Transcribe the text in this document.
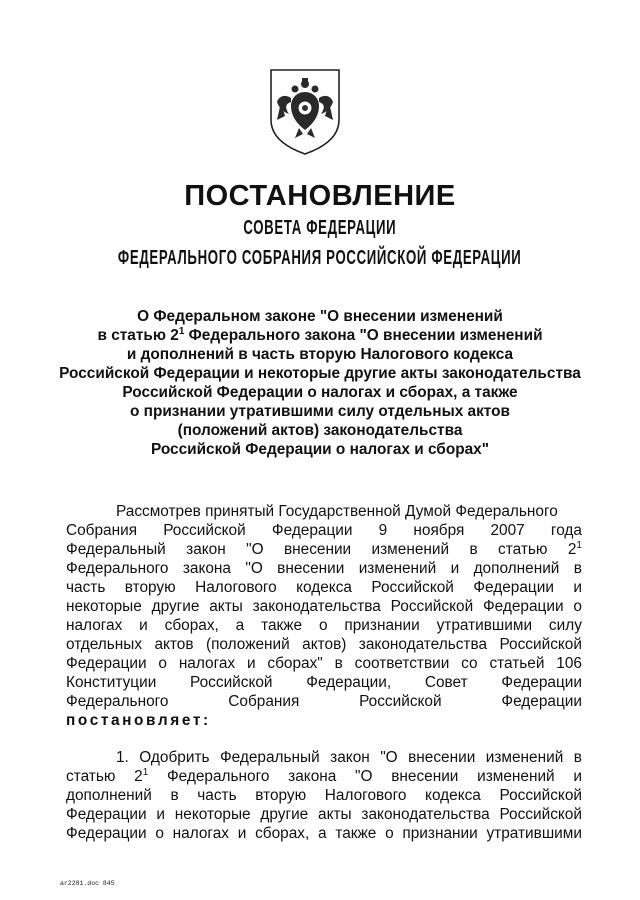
ПОСТАНОВЛЕНИЕ
СОВЕТА ФЕДЕРАЦИИ
ФЕДЕРАЛЬНОГО СОБРАНИЯ РОССИЙСКОЙ ФЕДЕРАЦИИ
О Федеральном законе "О внесении изменений
в статью $2^1$ Федерального закона "О внесении изменений
и дополнений в часть вторую Налогового кодекса
Российской Федерации и некоторые другие акты законодательства
Российской Федерации о налогах и сборах, а также
о признании утратившими силу отдельных актов
(положений актов) законодательства
Российской Федерации о налогах и сборах"
Рассмотрев принятый Государственной Думой Федерального
Собрания Российской Федерации 9 ноября 2007 года
Федеральный закон "О внесении изменений в статью $2^1$
Федерального закона "О внесении изменений и дополнений в
часть вторую Налогового кодекса Российской Федерации и
некоторые другие акты законодательства Российской Федерации о
налогах и сборах, а также о признании утратившими силу
отдельных актов (положений актов) законодательства Российской
Федерации о налогах и сборах" в соответствии со статьей 106
Конституции Российской Федерации, Совет Федерации
Федерального	Собрания	Российской	Федерации
постановляет:
1. Одобрить Федеральный закон "О внесении изменений в
статью $2^1$ Федерального закона "О внесении изменений и
дополнений в часть вторую Налогового кодекса Российской
Федерации и некоторые другие акты законодательства Российской
Федерации о налогах и сборах, а также о признании утратившими
ar2281.doc 845
